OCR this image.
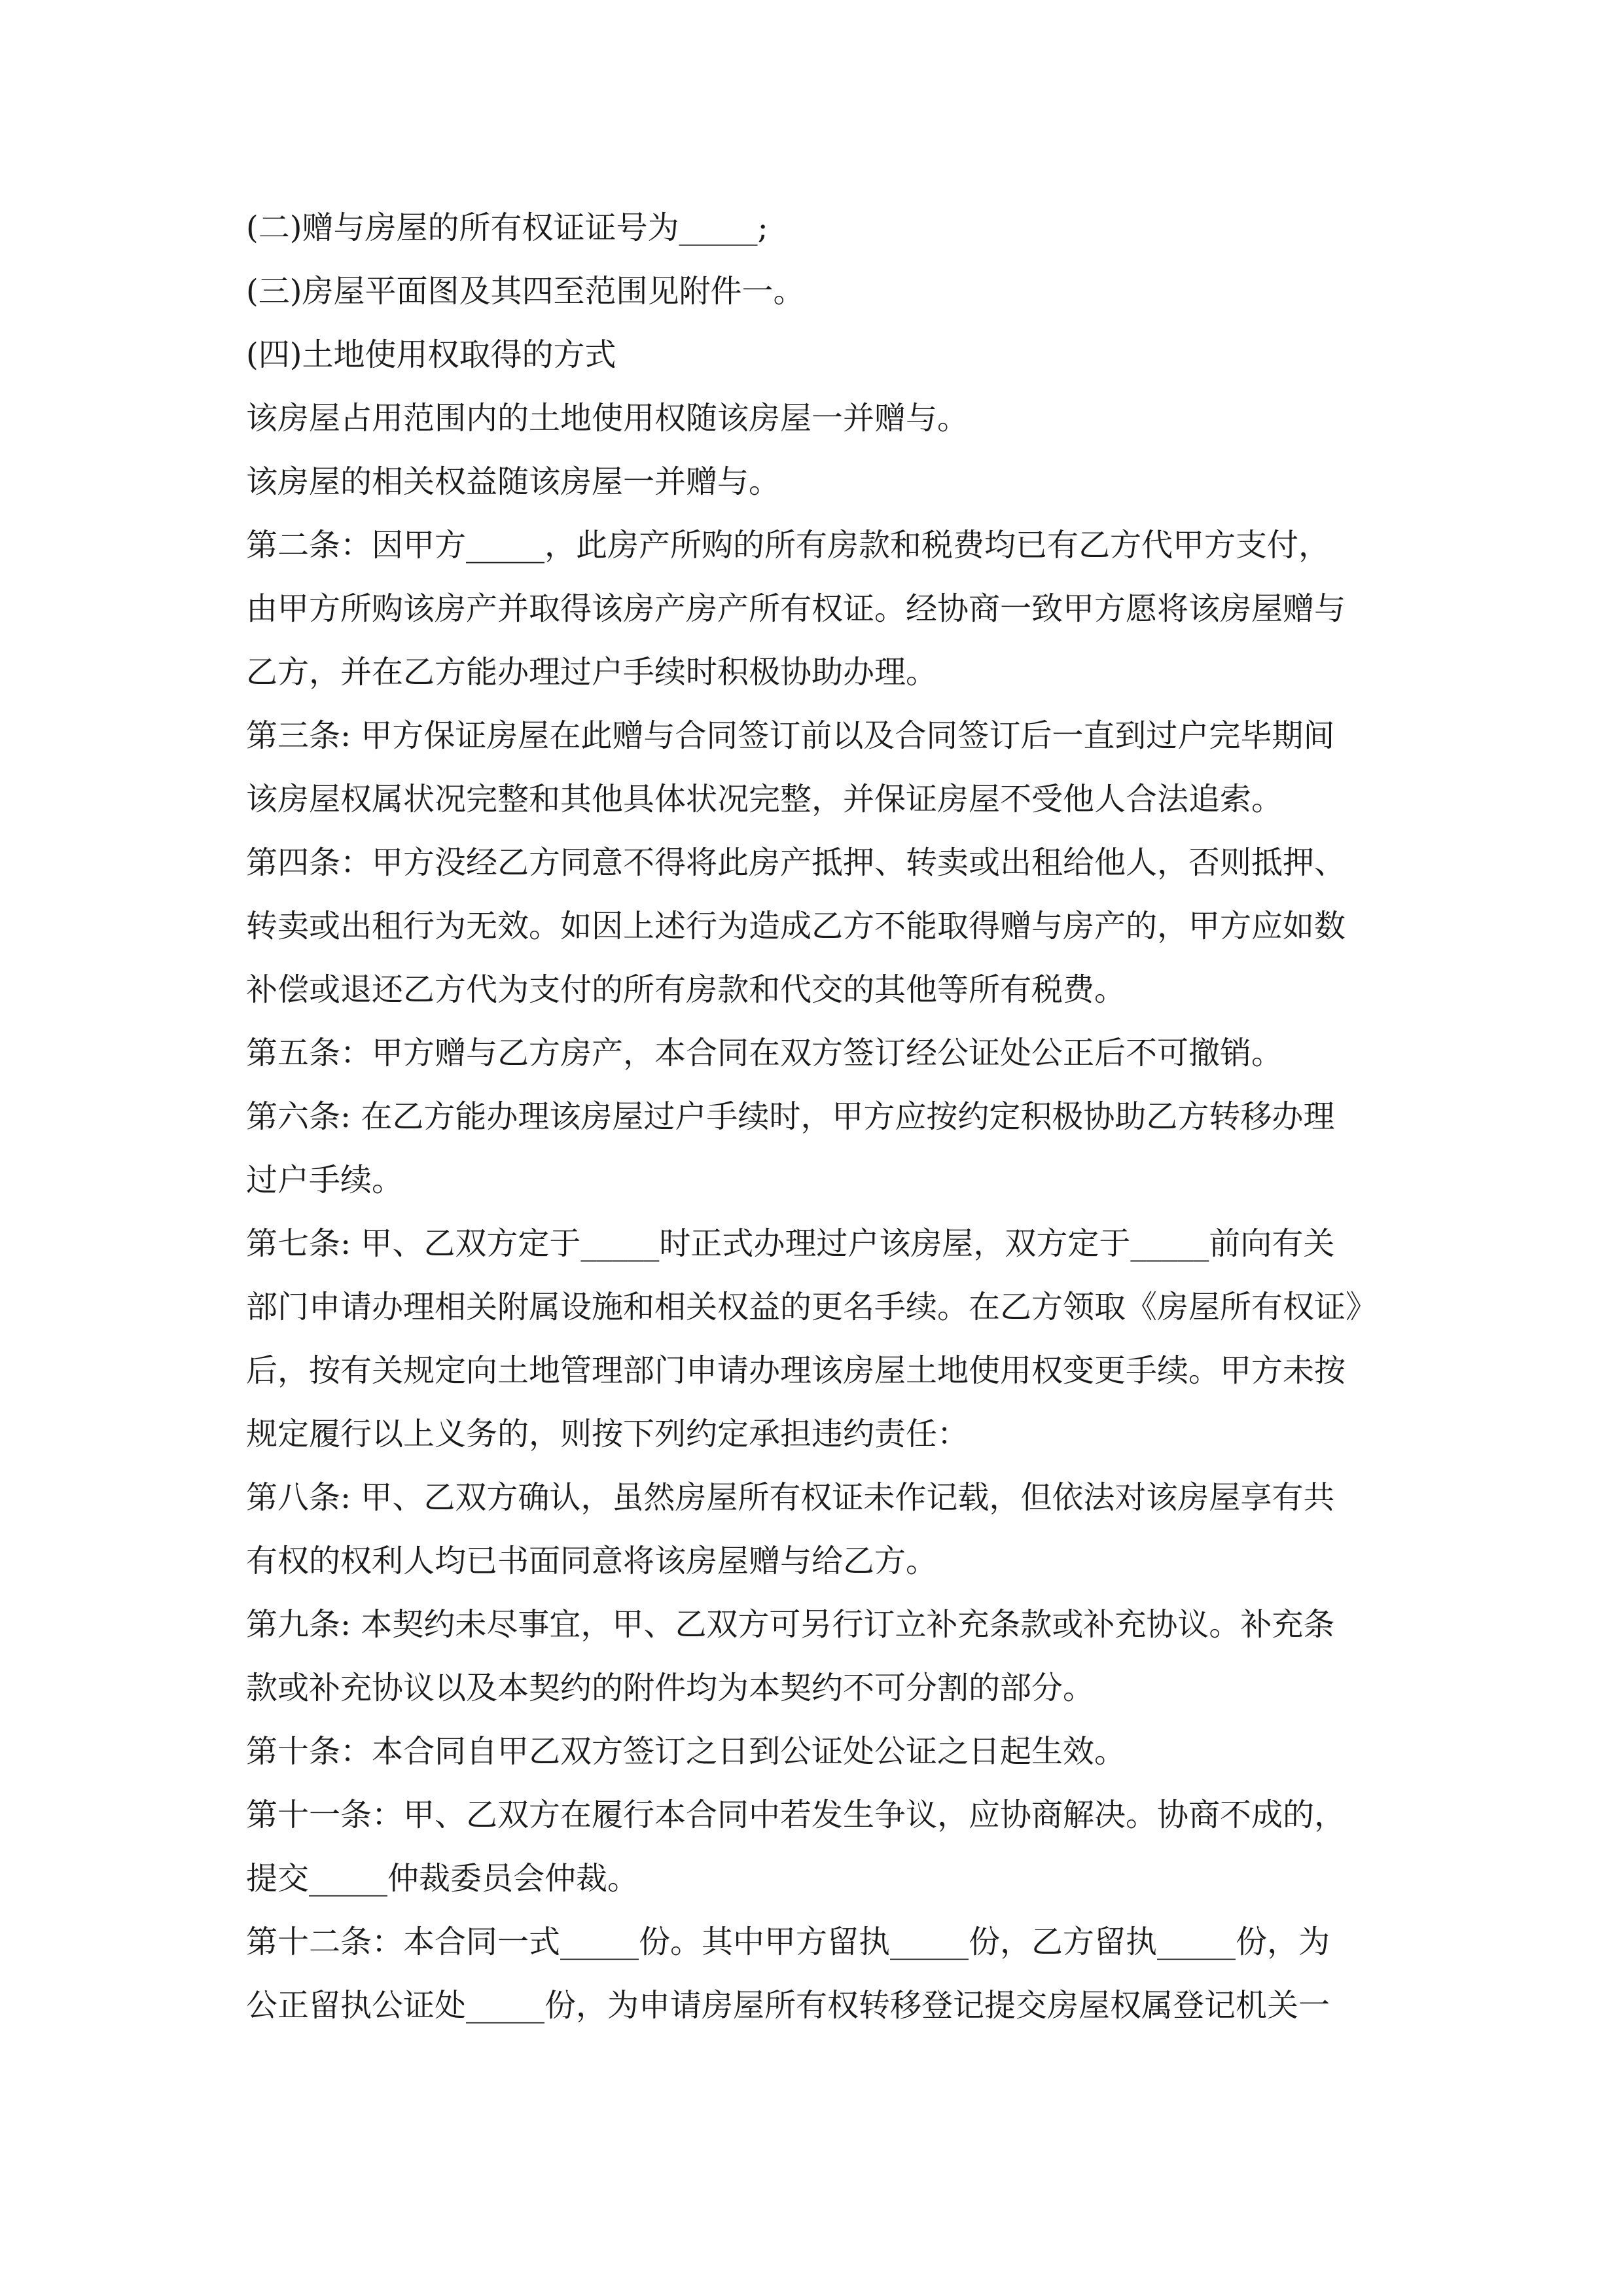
(二)赠与房屋的所有权证证号为_____;
(三)房屋平面图及其四至范围见附件一。
(四)土地使用权取得的方式
该房屋占用范围内的土地使用权随该房屋一并赠与。
该房屋的相关权益随该房屋一并赠与。
第二条：因甲方_____，此房产所购的所有房款和税费均已有乙方代甲方支付，
由甲方所购该房产并取得该房产房产所有权证。经协商一致甲方愿将该房屋赠与
乙方，并在乙方能办理过户手续时积极协助办理。
第三条: 甲方保证房屋在此赠与合同签订前以及合同签订后一直到过户完毕期间
该房屋权属状况完整和其他具体状况完整，并保证房屋不受他人合法追索。
第四条：甲方没经乙方同意不得将此房产抵押、转卖或出租给他人，否则抵押、
转卖或出租行为无效。如因上述行为造成乙方不能取得赠与房产的，甲方应如数
补偿或退还乙方代为支付的所有房款和代交的其他等所有税费。
第五条：甲方赠与乙方房产，本合同在双方签订经公证处公正后不可撤销。
第六条: 在乙方能办理该房屋过户手续时，甲方应按约定积极协助乙方转移办理
过户手续。
第七条: 甲、乙双方定于_____时正式办理过户该房屋，双方定于_____前向有关
部门申请办理相关附属设施和相关权益的更名手续。在乙方领取《房屋所有权证》
后，按有关规定向土地管理部门申请办理该房屋土地使用权变更手续。甲方未按
规定履行以上义务的，则按下列约定承担违约责任：
第八条: 甲、乙双方确认，虽然房屋所有权证未作记载，但依法对该房屋享有共
有权的权利人均已书面同意将该房屋赠与给乙方。
第九条: 本契约未尽事宜，甲、乙双方可另行订立补充条款或补充协议。补充条
款或补充协议以及本契约的附件均为本契约不可分割的部分。
第十条：本合同自甲乙双方签订之日到公证处公证之日起生效。
第十一条：甲、乙双方在履行本合同中若发生争议，应协商解决。协商不成的，
提交_____仲裁委员会仲裁。
第十二条：本合同一式_____份。其中甲方留执_____份，乙方留执_____份，为
公正留执公证处_____份，为申请房屋所有权转移登记提交房屋权属登记机关一
